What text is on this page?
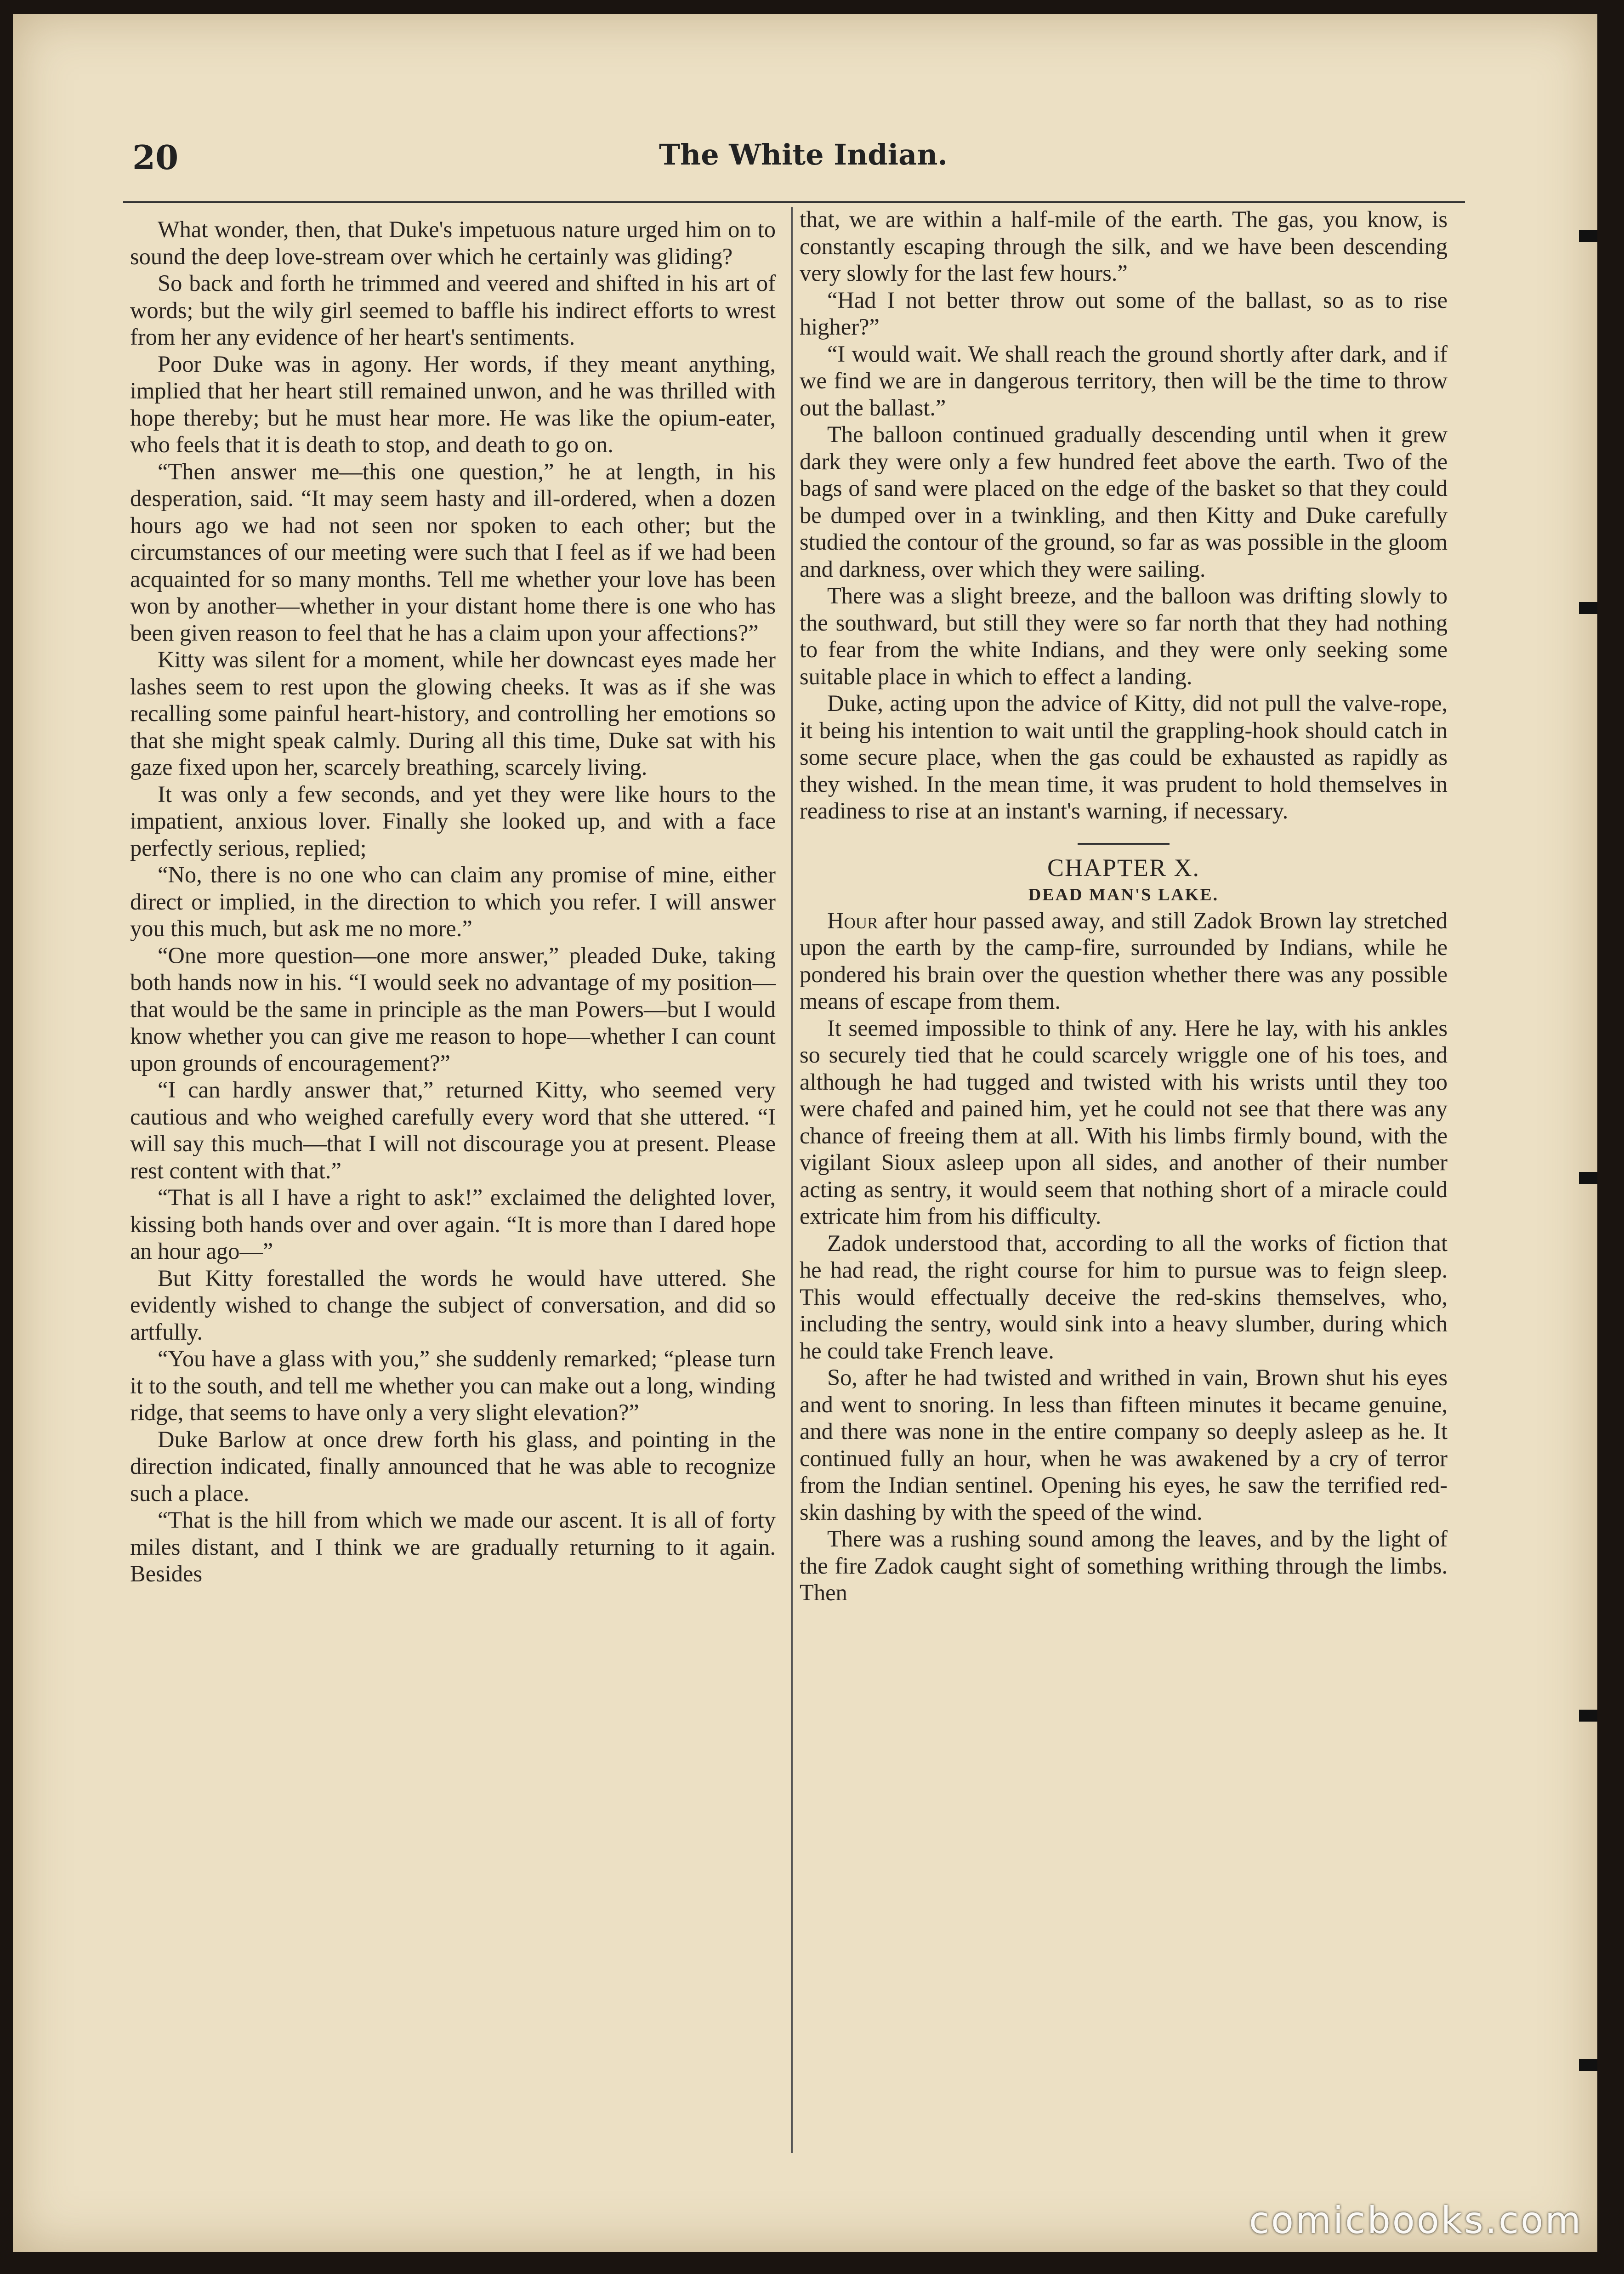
20	The White Indian.

What wonder, then, that Duke's impetuous nature urged him on to sound the deep love-stream over which he certainly was gliding?

So back and forth he trimmed and veered and shifted in his art of words; but the wily girl seemed to baffle his indirect efforts to wrest from her any evidence of her heart's sentiments.

Poor Duke was in agony. Her words, if they meant anything, implied that her heart still remained unwon, and he was thrilled with hope thereby; but he must hear more. He was like the opium-eater, who feels that it is death to stop, and death to go on.

“Then answer me—this one question,” he at length, in his desperation, said. “It may seem hasty and ill-ordered, when a dozen hours ago we had not seen nor spoken to each other; but the circumstances of our meeting were such that I feel as if we had been acquainted for so many months. Tell me whether your love has been won by another—whether in your distant home there is one who has been given reason to feel that he has a claim upon your affections?”

Kitty was silent for a moment, while her downcast eyes made her lashes seem to rest upon the glowing cheeks. It was as if she was recalling some painful heart-history, and controlling her emotions so that she might speak calmly. During all this time, Duke sat with his gaze fixed upon her, scarcely breathing, scarcely living.

It was only a few seconds, and yet they were like hours to the impatient, anxious lover. Finally she looked up, and with a face perfectly serious, replied;

“No, there is no one who can claim any promise of mine, either direct or implied, in the direction to which you refer. I will answer you this much, but ask me no more.”

“One more question—one more answer,” pleaded Duke, taking both hands now in his. “I would seek no advantage of my position—that would be the same in principle as the man Powers—but I would know whether you can give me reason to hope—whether I can count upon grounds of encouragement?”

“I can hardly answer that,” returned Kitty, who seemed very cautious and who weighed carefully every word that she uttered. “I will say this much—that I will not discourage you at present. Please rest content with that.”

“That is all I have a right to ask!” exclaimed the delighted lover, kissing both hands over and over again. “It is more than I dared hope an hour ago—”

But Kitty forestalled the words he would have uttered. She evidently wished to change the subject of conversation, and did so artfully.

“You have a glass with you,” she suddenly remarked; “please turn it to the south, and tell me whether you can make out a long, winding ridge, that seems to have only a very slight elevation?”

Duke Barlow at once drew forth his glass, and pointing in the direction indicated, finally announced that he was able to recognize such a place.

“That is the hill from which we made our ascent. It is all of forty miles distant, and I think we are gradually returning to it again. Besides

that, we are within a half-mile of the earth. The gas, you know, is constantly escaping through the silk, and we have been descending very slowly for the last few hours.”

“Had I not better throw out some of the ballast, so as to rise higher?”

“I would wait. We shall reach the ground shortly after dark, and if we find we are in dangerous territory, then will be the time to throw out the ballast.”

The balloon continued gradually descending until when it grew dark they were only a few hundred feet above the earth. Two of the bags of sand were placed on the edge of the basket so that they could be dumped over in a twinkling, and then Kitty and Duke carefully studied the contour of the ground, so far as was possible in the gloom and darkness, over which they were sailing.

There was a slight breeze, and the balloon was drifting slowly to the southward, but still they were so far north that they had nothing to fear from the white Indians, and they were only seeking some suitable place in which to effect a landing.

Duke, acting upon the advice of Kitty, did not pull the valve-rope, it being his intention to wait until the grappling-hook should catch in some secure place, when the gas could be exhausted as rapidly as they wished. In the mean time, it was prudent to hold themselves in readiness to rise at an instant's warning, if necessary.

CHAPTER X.
DEAD MAN'S LAKE.

Hour after hour passed away, and still Zadok Brown lay stretched upon the earth by the camp-fire, surrounded by Indians, while he pondered his brain over the question whether there was any possible means of escape from them.

It seemed impossible to think of any. Here he lay, with his ankles so securely tied that he could scarcely wriggle one of his toes, and although he had tugged and twisted with his wrists until they too were chafed and pained him, yet he could not see that there was any chance of freeing them at all. With his limbs firmly bound, with the vigilant Sioux asleep upon all sides, and another of their number acting as sentry, it would seem that nothing short of a miracle could extricate him from his difficulty.

Zadok understood that, according to all the works of fiction that he had read, the right course for him to pursue was to feign sleep. This would effectually deceive the red-skins themselves, who, including the sentry, would sink into a heavy slumber, during which he could take French leave.

So, after he had twisted and writhed in vain, Brown shut his eyes and went to snoring. In less than fifteen minutes it became genuine, and there was none in the entire company so deeply asleep as he. It continued fully an hour, when he was awakened by a cry of terror from the Indian sentinel. Opening his eyes, he saw the terrified red-skin dashing by with the speed of the wind.

There was a rushing sound among the leaves, and by the light of the fire Zadok caught sight of something writhing through the limbs. Then

comicbooks.com
